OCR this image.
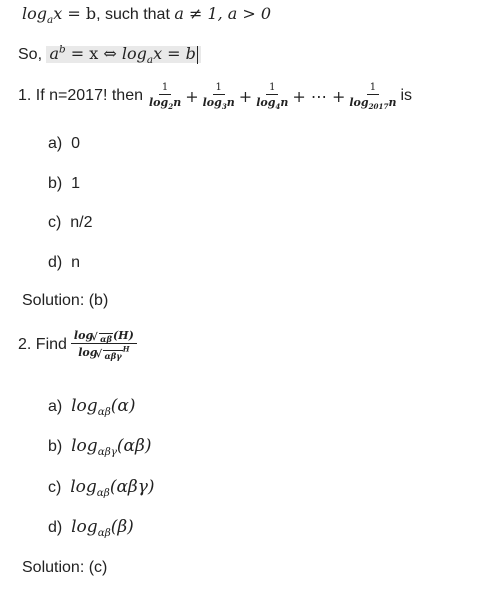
$\log_ax = b$, such that a ≠ 1, a > 0
So, $a^b = x$ ⇔ $\log_ax = b$
1. If n=2017! then $\frac{1}{\log_2n} + \frac{1}{\log_3n} + \frac{1}{\log_4n}$ + ⋯ + $\frac{1}{\log_{2017}n}$ is
a) 0
b) 1
c) n/2
d) n
Solution: (b)
2. Find $\frac{\log _{\alpha\beta}(H)}{\log _{\alpha\beta\gamma}^H}$
a) $\log_{\alpha\beta}(\alpha)$
b) $\log_{\alpha\beta\gamma}(\alpha\beta)$
c) $\log_{\alpha\beta}(\alpha\beta\gamma)$
d) $\log_{\alpha\beta}(\beta)$
Solution: (c)
